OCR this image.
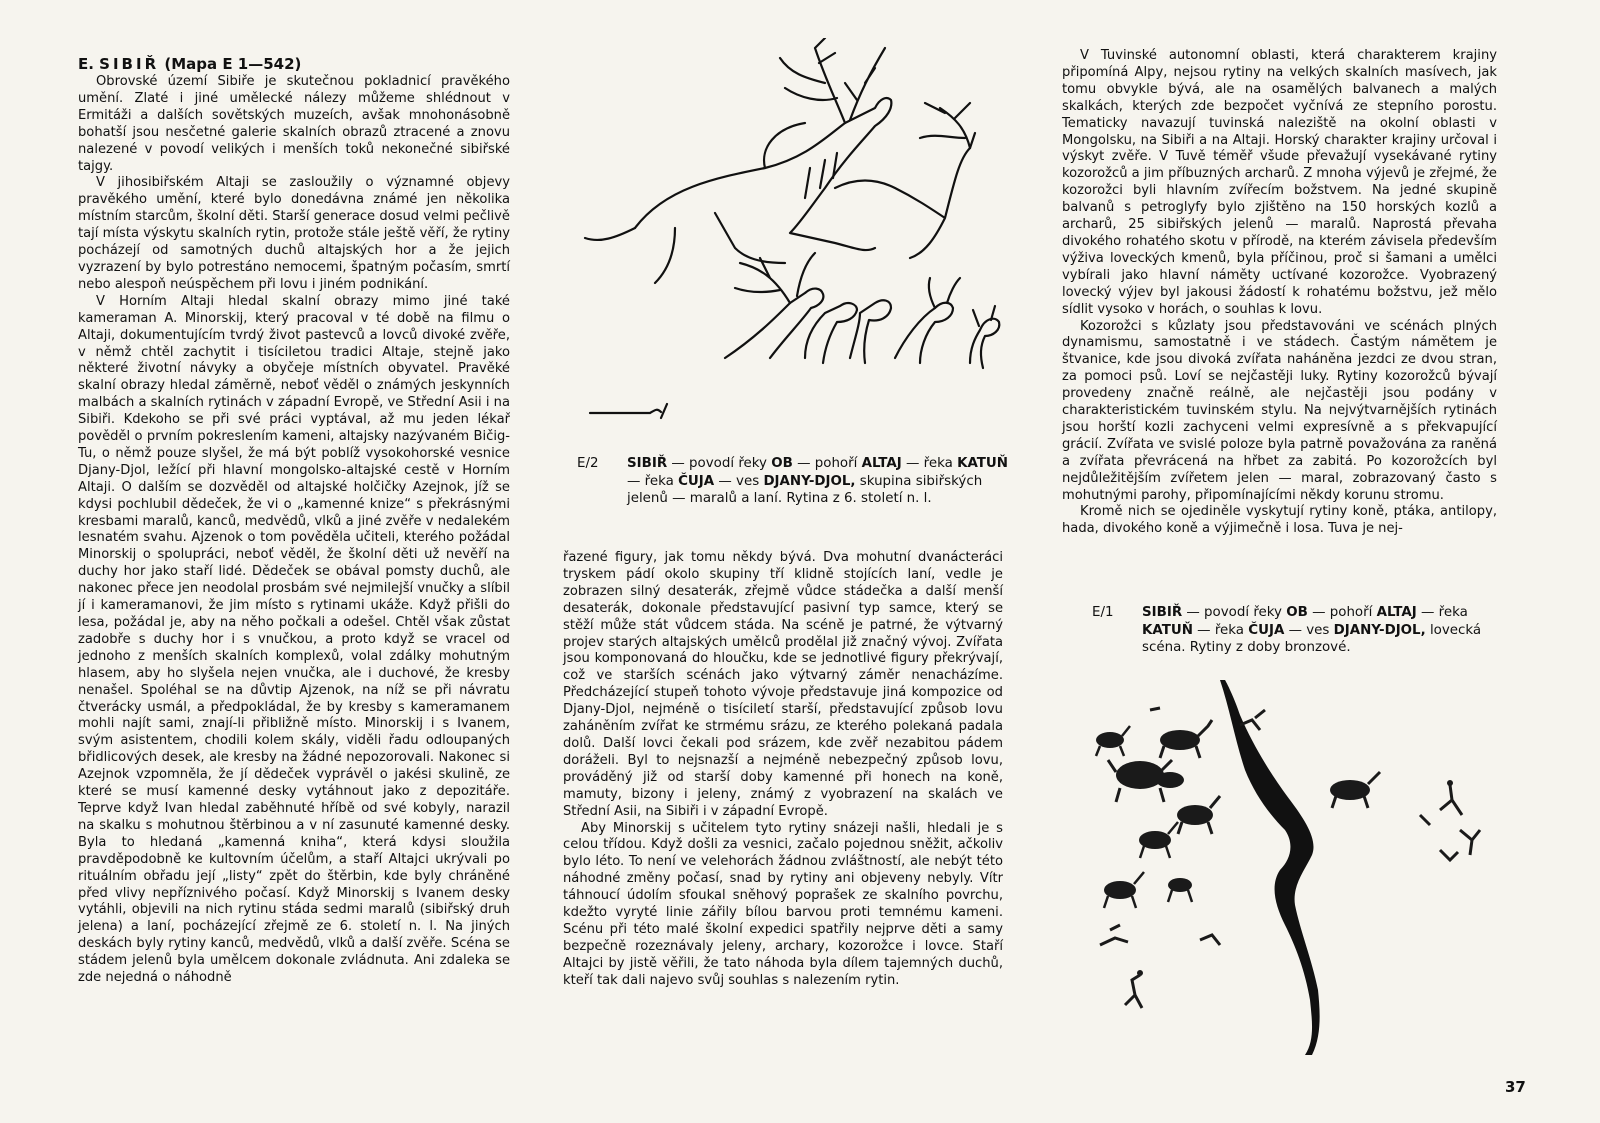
E. SIBIŘ (Mapa E 1—542)

Obrovské území Sibiře je skutečnou pokladnicí pravěkého umění. Zlaté i jiné umělecké nálezy můžeme shlédnout v Ermitáži a dalších sovětských muzeích, avšak mnohonásobně bohatší jsou nesčetné galerie skalních obrazů ztracené a znovu nalezené v povodí velikých i menších toků nekonečné sibiřské tajgy.

V jihosibiřském Altaji se zasloužily o významné objevy pravěkého umění, které bylo donedávna známé jen několika místním starcům, školní děti. Starší generace dosud velmi pečlivě tají místa výskytu skalních rytin, protože stále ještě věří, že rytiny pocházejí od samotných duchů altajských hor a že jejich vyzrazení by bylo potrestáno nemocemi, špatným počasím, smrtí nebo alespoň neúspěchem při lovu i jiném podnikání.

V Horním Altaji hledal skalní obrazy mimo jiné také kameraman A. Minorskij, který pracoval v té době na filmu o Altaji, dokumentujícím tvrdý život pastevců a lovců divoké zvěře, v němž chtěl zachytit i tisíciletou tradici Altaje, stejně jako některé životní návyky a obyčeje místních obyvatel. Pravěké skalní obrazy hledal záměrně, neboť věděl o známých jeskynních malbách a skalních rytinách v západní Evropě, ve Střední Asii i na Sibiři. Kdekoho se při své práci vyptával, až mu jeden lékař pověděl o prvním pokreslením kameni, altajsky nazývaném Bičig-Tu, o němž pouze slyšel, že má být poblíž vysokohorské vesnice Djany-Djol, ležící při hlavní mongolsko-altajské cestě v Horním Altaji. O dalším se dozvěděl od altajské holčičky Azejnok, jíž se kdysi pochlubil dědeček, že vi o „kamenné knize“ s překrásnými kresbami maralů, kanců, medvědů, vlků a jiné zvěře v nedalekém lesnatém svahu. Ajzenok o tom pověděla učiteli, kterého požádal Minorskij o spolupráci, neboť věděl, že školní děti už nevěří na duchy hor jako staří lidé. Dědeček se obával pomsty duchů, ale nakonec přece jen neodolal prosbám své nejmilejší vnučky a slíbil jí i kameramanovi, že jim místo s rytinami ukáže. Když přišli do lesa, požádal je, aby na něho počkali a odešel. Chtěl však zůstat zadobře s duchy hor i s vnučkou, a proto když se vracel od jednoho z menších skalních komplexů, volal zdálky mohutným hlasem, aby ho slyšela nejen vnučka, ale i duchové, že kresby nenašel. Spoléhal se na důvtip Ajzenok, na níž se při návratu čtverácky usmál, a předpokládal, že by kresby s kameramanem mohli najít sami, znají-li přibližně místo. Minorskij i s Ivanem, svým asistentem, chodili kolem skály, viděli řadu odloupaných břidlicových desek, ale kresby na žádné nepozorovali. Nakonec si Azejnok vzpomněla, že jí dědeček vyprávěl o jakési skulině, ze které se musí kamenné desky vytáhnout jako z depozitáře. Teprve když Ivan hledal zaběhnuté hříbě od své kobyly, narazil na skalku s mohutnou štěrbinou a v ní zasunuté kamenné desky. Byla to hledaná „kamenná kniha“, která kdysi sloužila pravděpodobně ke kultovním účelům, a staří Altajci ukrývali po rituálním obřadu její „listy“ zpět do štěrbin, kde byly chráněné před vlivy nepříznivého počasí. Když Minorskij s Ivanem desky vytáhli, objevili na nich rytinu stáda sedmi maralů (sibiřský druh jelena) a laní, pocházející zřejmě ze 6. století n. l. Na jiných deskách byly rytiny kanců, medvědů, vlků a další zvěře. Scéna se stádem jelenů byla umělcem dokonale zvládnuta. Ani zdaleka se zde nejedná o náhodně

E/2 SIBIŘ — povodí řeky OB — pohoří ALTAJ — řeka KATUŇ — řeka ČUJA — ves DJANY-DJOL, skupina sibiřských jelenů — maralů a laní. Rytina z 6. století n. l.

řazené figury, jak tomu někdy bývá. Dva mohutní dvanácteráci tryskem pádí okolo skupiny tří klidně stojících laní, vedle je zobrazen silný desaterák, zřejmě vůdce stádečka a další menší desaterák, dokonale představující pasivní typ samce, který se stěží může stát vůdcem stáda. Na scéně je patrné, že výtvarný projev starých altajských umělců prodělal již značný vývoj. Zvířata jsou komponovaná do hloučku, kde se jednotlivé figury překrývají, což ve starších scénách jako výtvarný záměr nenacházíme. Předcházející stupeň tohoto vývoje představuje jiná kompozice od Djany-Djol, nejméně o tisíciletí starší, představující způsob lovu zaháněním zvířat ke strmému srázu, ze kterého polekaná padala dolů. Další lovci čekali pod srázem, kde zvěř nezabitou pádem doráželi. Byl to nejsnazší a nejméně nebezpečný způsob lovu, prováděný již od starší doby kamenné při honech na koně, mamuty, bizony i jeleny, známý z vyobrazení na skalách ve Střední Asii, na Sibiři i v západní Evropě.

Aby Minorskij s učitelem tyto rytiny snázeji našli, hledali je s celou třídou. Když došli za vesnici, začalo pojednou sněžit, ačkoliv bylo léto. To není ve velehorách žádnou zvláštností, ale nebýt této náhodné změny počasí, snad by rytiny ani objeveny nebyly. Vítr táhnoucí údolím sfoukal sněhový poprašek ze skalního povrchu, kdežto vyryté linie zářily bílou barvou proti temnému kameni. Scénu při této malé školní expedici spatřily nejprve děti a samy bezpečně rozeznávaly jeleny, archary, kozorožce i lovce. Staří Altajci by jistě věřili, že tato náhoda byla dílem tajemných duchů, kteří tak dali najevo svůj souhlas s nalezením rytin.

V Tuvinské autonomní oblasti, která charakterem krajiny připomíná Alpy, nejsou rytiny na velkých skalních masívech, jak tomu obvykle bývá, ale na osamělých balvanech a malých skalkách, kterých zde bezpočet vyčnívá ze stepního porostu. Tematicky navazují tuvinská naleziště na okolní oblasti v Mongolsku, na Sibiři a na Altaji. Horský charakter krajiny určoval i výskyt zvěře. V Tuvě téměř všude převažují vysekávané rytiny kozorožců a jim příbuzných archarů. Z mnoha výjevů je zřejmé, že kozorožci byli hlavním zvířecím božstvem. Na jedné skupině balvanů s petroglyfy bylo zjištěno na 150 horských kozlů a archarů, 25 sibiřských jelenů — maralů. Naprostá převaha divokého rohatého skotu v přírodě, na kterém závisela především výživa loveckých kmenů, byla příčinou, proč si šamani a umělci vybírali jako hlavní náměty uctívané kozorožce. Vyobrazený lovecký výjev byl jakousi žádostí k rohatému božstvu, jež mělo sídlit vysoko v horách, o souhlas k lovu.

Kozorožci s kůzlaty jsou představováni ve scénách plných dynamismu, samostatně i ve stádech. Častým námětem je štvanice, kde jsou divoká zvířata naháněna jezdci ze dvou stran, za pomoci psů. Loví se nejčastěji luky. Rytiny kozorožců bývají provedeny značně reálně, ale nejčastěji jsou podány v charakteristickém tuvinském stylu. Na nejvýtvarnějších rytinách jsou horští kozli zachyceni velmi expresívně a s překvapující grácií. Zvířata ve svislé poloze byla patrně považována za raněná a zvířata převrácená na hřbet za zabitá. Po kozorožcích byl nejdůležitějším zvířetem jelen — maral, zobrazovaný často s mohutnými parohy, připomínajícími někdy korunu stromu.

Kromě nich se ojediněle vyskytují rytiny koně, ptáka, antilopy, hada, divokého koně a výjimečně i losa. Tuva je nej-

E/1 SIBIŘ — povodí řeky OB — pohoří ALTAJ — řeka KATUŇ — řeka ČUJA — ves DJANY-DJOL, lovecká scéna. Rytiny z doby bronzové.
37
